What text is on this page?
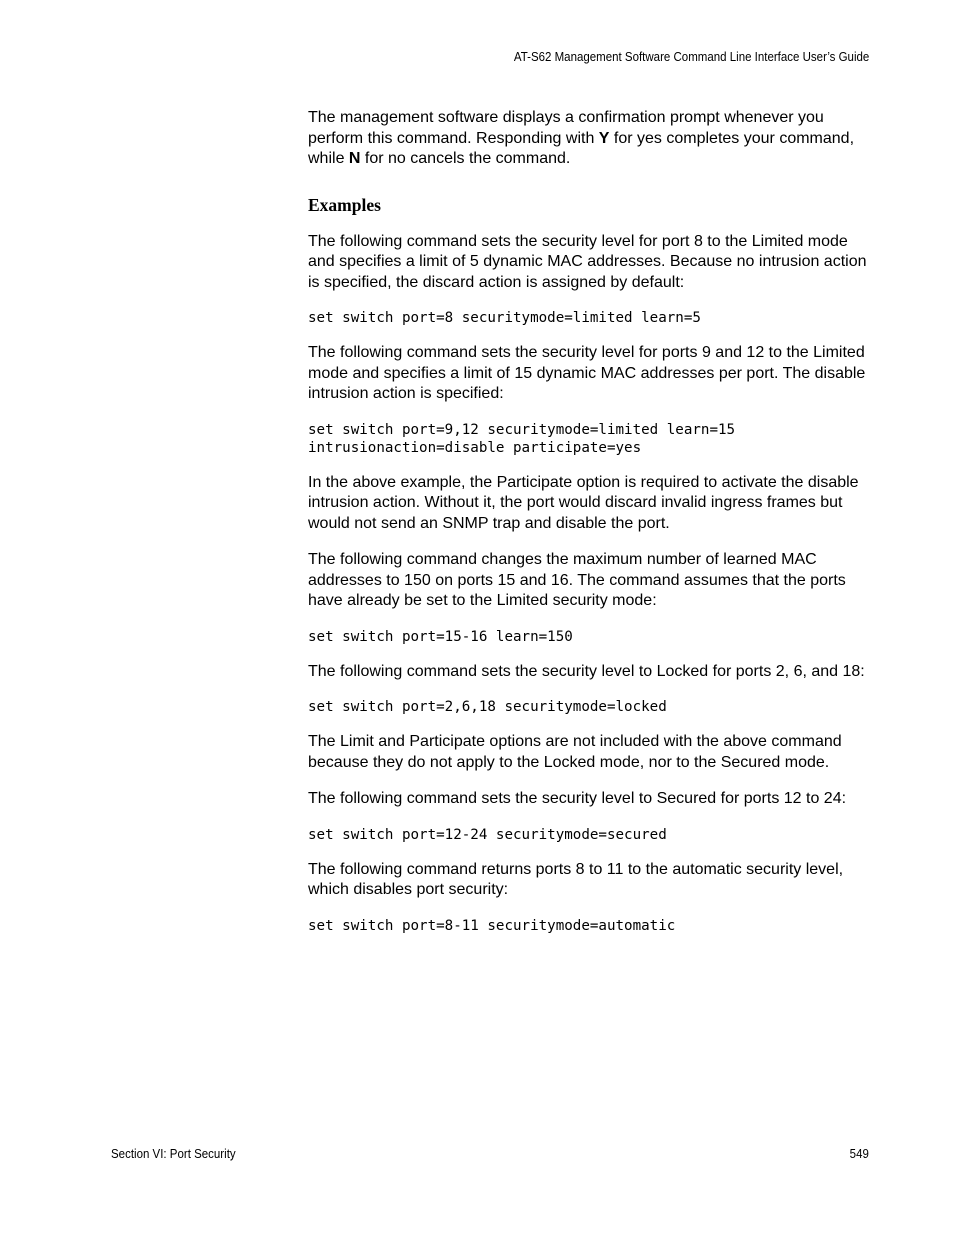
AT-S62 Management Software Command Line Interface User’s Guide

The management software displays a confirmation prompt whenever you perform this command. Responding with Y for yes completes your command, while N for no cancels the command.

Examples

The following command sets the security level for port 8 to the Limited mode and specifies a limit of 5 dynamic MAC addresses. Because no intrusion action is specified, the discard action is assigned by default:

set switch port=8 securitymode=limited learn=5

The following command sets the security level for ports 9 and 12 to the Limited mode and specifies a limit of 15 dynamic MAC addresses per port. The disable intrusion action is specified:

set switch port=9,12 securitymode=limited learn=15
intrusionaction=disable participate=yes

In the above example, the Participate option is required to activate the disable intrusion action. Without it, the port would discard invalid ingress frames but would not send an SNMP trap and disable the port.

The following command changes the maximum number of learned MAC addresses to 150 on ports 15 and 16. The command assumes that the ports have already be set to the Limited security mode:

set switch port=15-16 learn=150

The following command sets the security level to Locked for ports 2, 6, and 18:

set switch port=2,6,18 securitymode=locked

The Limit and Participate options are not included with the above command because they do not apply to the Locked mode, nor to the Secured mode.

The following command sets the security level to Secured for ports 12 to 24:

set switch port=12-24 securitymode=secured

The following command returns ports 8 to 11 to the automatic security level, which disables port security:

set switch port=8-11 securitymode=automatic
Section VI: Port Security	549
